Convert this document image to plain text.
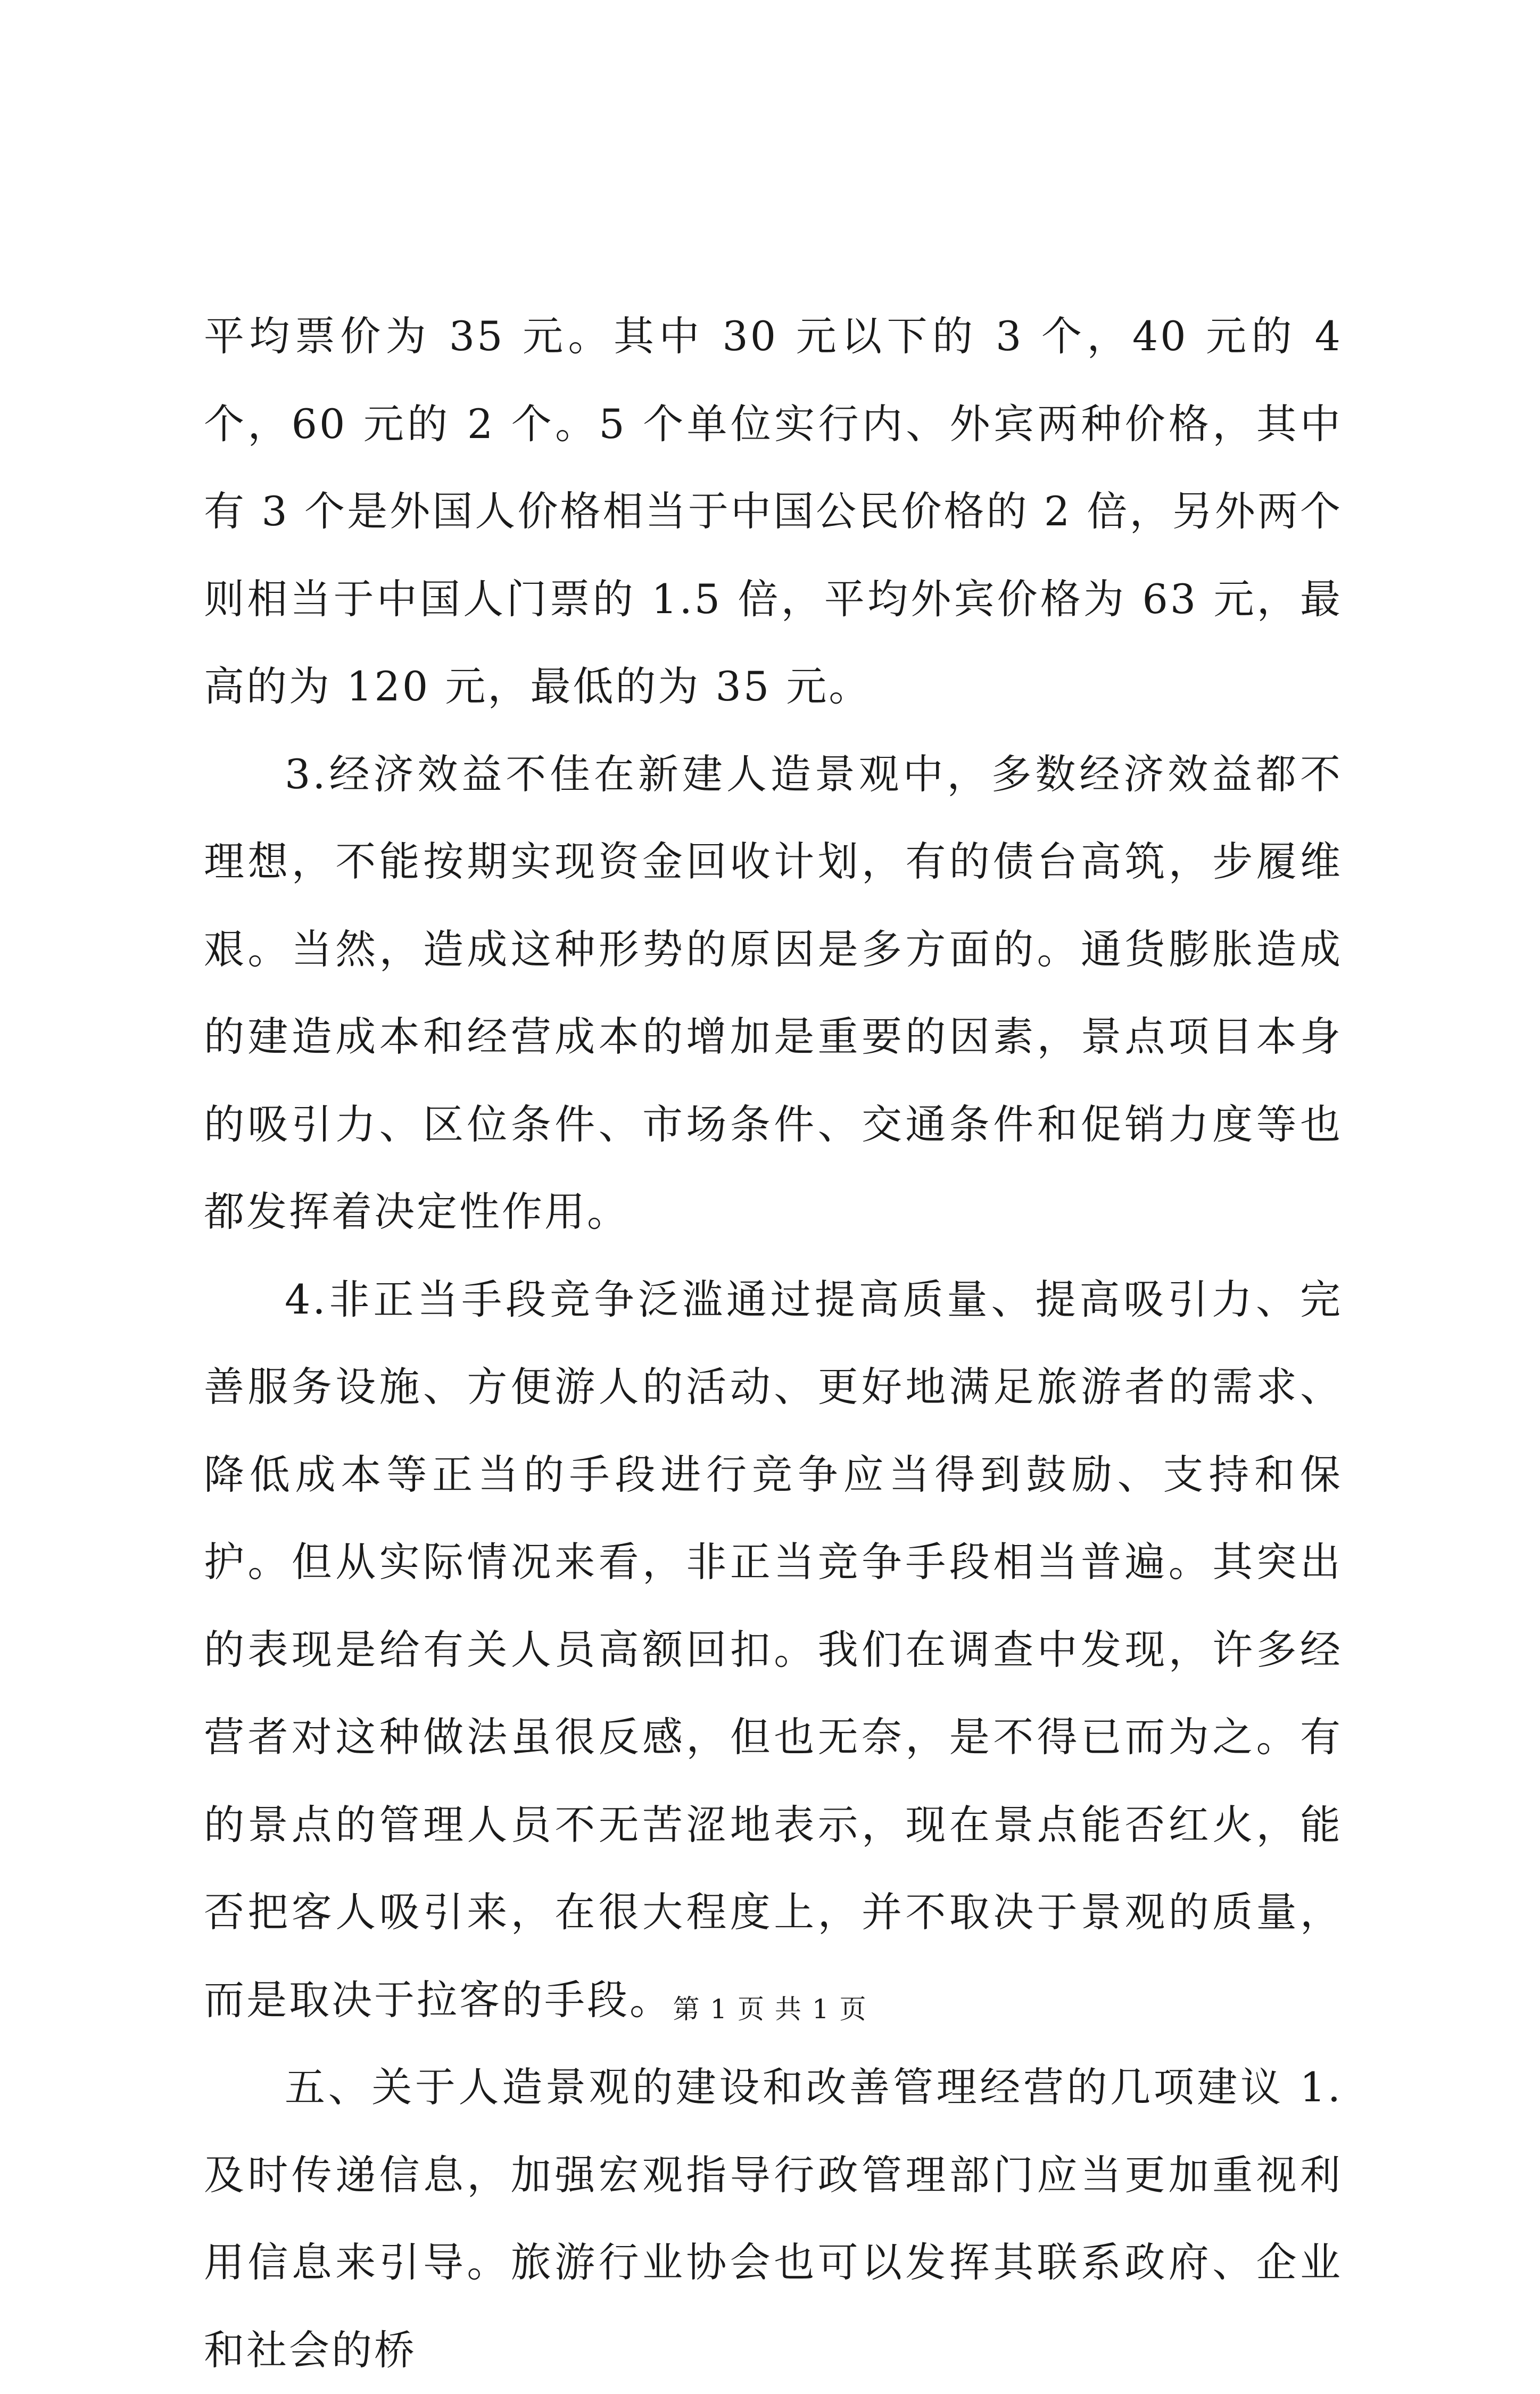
平均票价为 35 元。其中 30 元以下的 3 个，40 元的 4 个，60 元的 2 个。5 个单位实行内、外宾两种价格，其中有 3 个是外国人价格相当于中国公民价格的 2 倍，另外两个则相当于中国人门票的 1.5 倍，平均外宾价格为 63 元，最高的为 120 元，最低的为 35 元。

3.经济效益不佳在新建人造景观中，多数经济效益都不理想，不能按期实现资金回收计划，有的债台高筑，步履维艰。当然，造成这种形势的原因是多方面的。通货膨胀造成的建造成本和经营成本的增加是重要的因素，景点项目本身的吸引力、区位条件、市场条件、交通条件和促销力度等也都发挥着决定性作用。

4.非正当手段竞争泛滥通过提高质量、提高吸引力、完善服务设施、方便游人的活动、更好地满足旅游者的需求、降低成本等正当的手段进行竞争应当得到鼓励、支持和保护。但从实际情况来看，非正当竞争手段相当普遍。其突出的表现是给有关人员高额回扣。我们在调查中发现，许多经营者对这种做法虽很反感，但也无奈，是不得已而为之。有的景点的管理人员不无苦涩地表示，现在景点能否红火，能否把客人吸引来，在很大程度上，并不取决于景观的质量，而是取决于拉客的手段。

五、关于人造景观的建设和改善管理经营的几项建议 1.及时传递信息，加强宏观指导行政管理部门应当更加重视利用信息来引导。旅游行业协会也可以发挥其联系政府、企业和社会的桥

第 1 页 共 1 页
